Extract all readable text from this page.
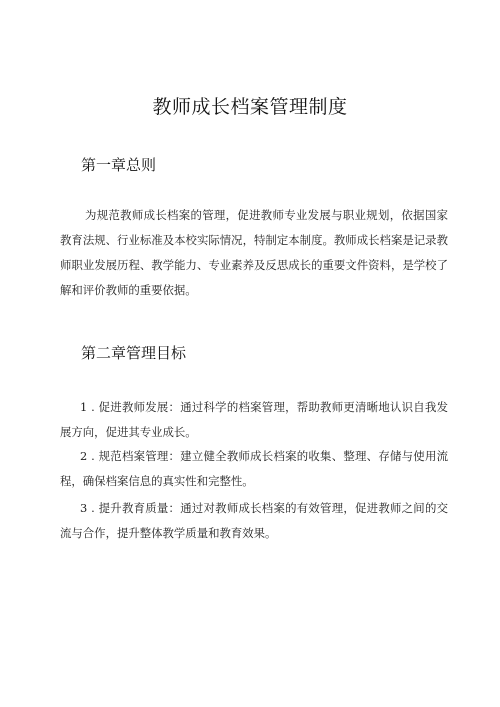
教师成长档案管理制度
第一章总则

为规范教师成长档案的管理，促进教师专业发展与职业规划，依据国家教育法规、行业标准及本校实际情况，特制定本制度。教师成长档案是记录教师职业发展历程、教学能力、专业素养及反思成长的重要文件资料，是学校了解和评价教师的重要依据。

第二章管理目标

1 . 促进教师发展：通过科学的档案管理，帮助教师更清晰地认识自我发展方向，促进其专业成长。

2 . 规范档案管理：建立健全教师成长档案的收集、整理、存储与使用流程，确保档案信息的真实性和完整性。

3 . 提升教育质量：通过对教师成长档案的有效管理，促进教师之间的交流与合作，提升整体教学质量和教育效果。
